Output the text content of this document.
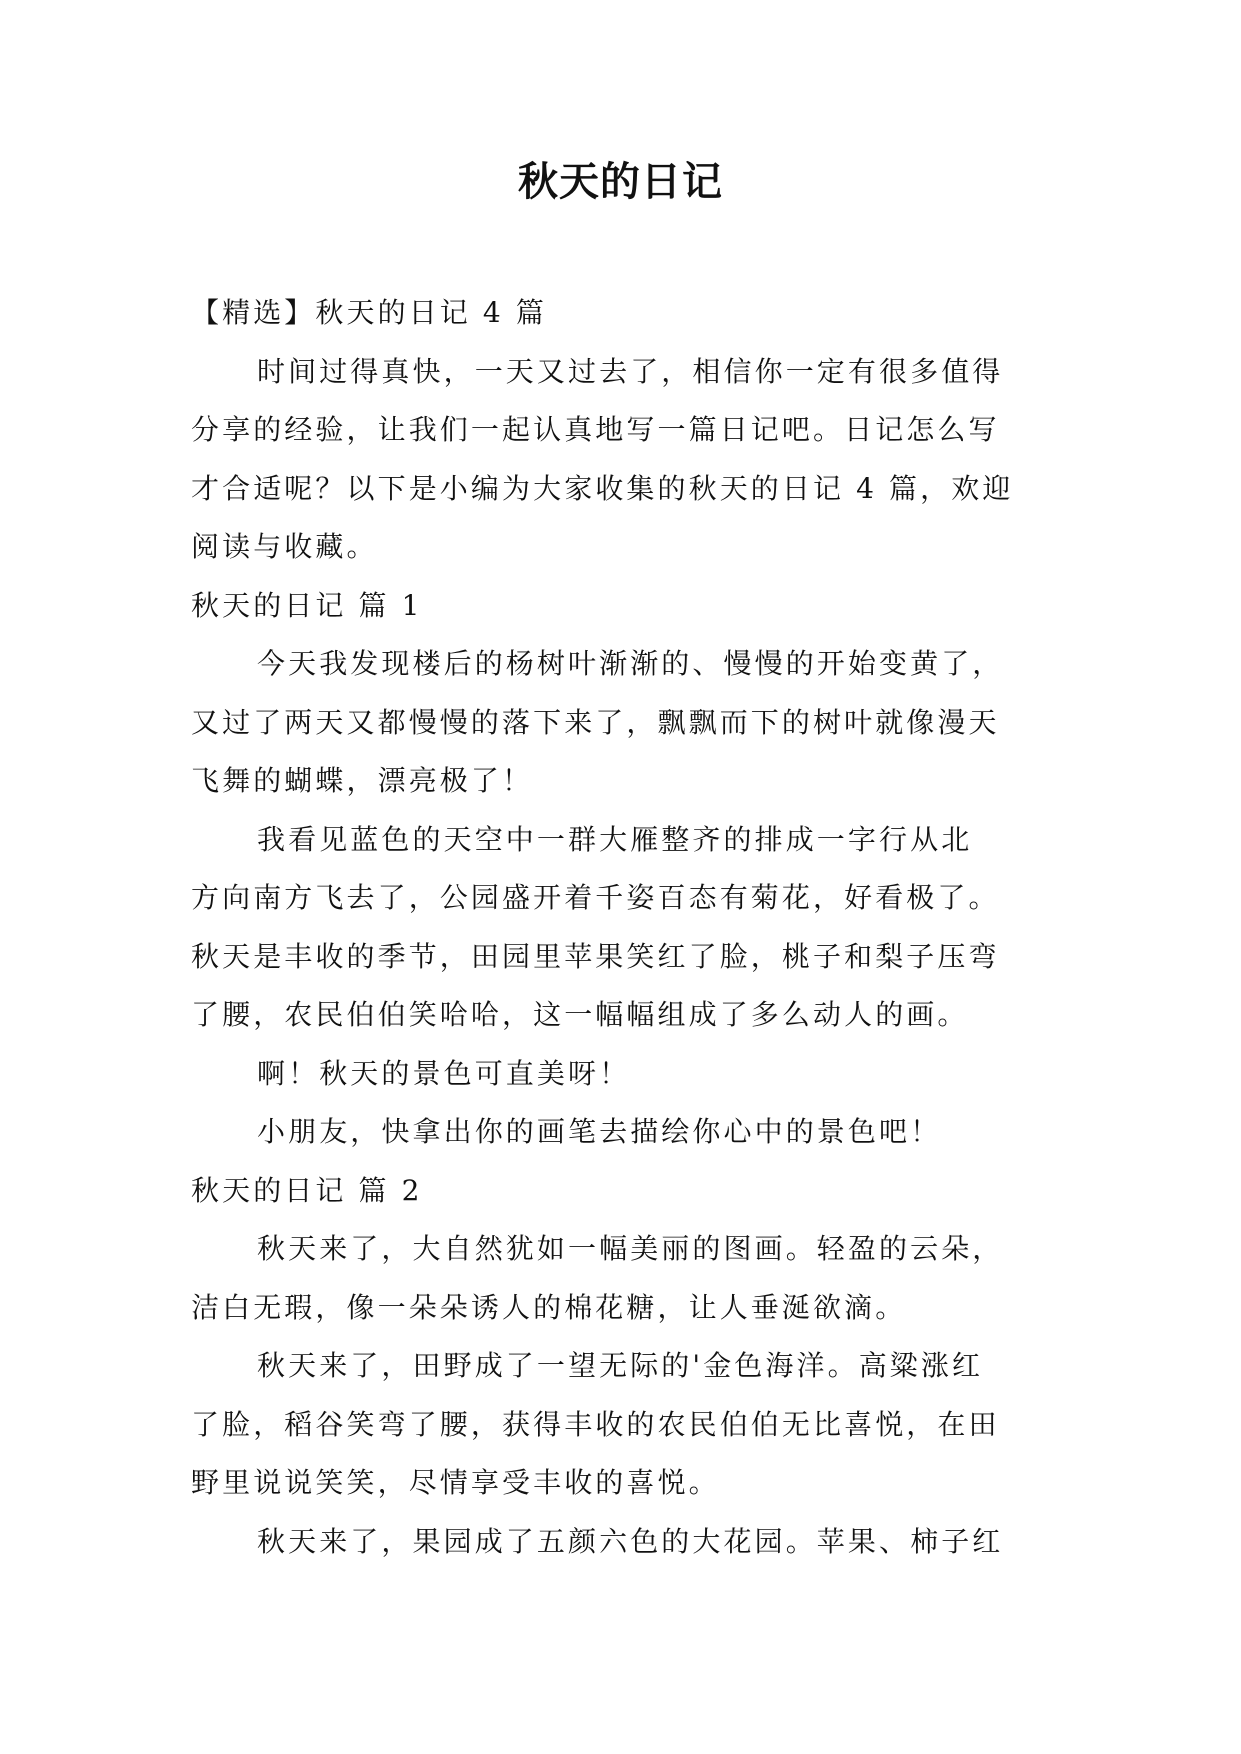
秋天的日记
【精选】秋天的日记 4 篇
时间过得真快，一天又过去了，相信你一定有很多值得
分享的经验，让我们一起认真地写一篇日记吧。日记怎么写
才合适呢？以下是小编为大家收集的秋天的日记 4 篇，欢迎
阅读与收藏。
秋天的日记 篇 1
今天我发现楼后的杨树叶渐渐的、慢慢的开始变黄了，
又过了两天又都慢慢的落下来了，飘飘而下的树叶就像漫天
飞舞的蝴蝶，漂亮极了！
我看见蓝色的天空中一群大雁整齐的排成一字行从北
方向南方飞去了，公园盛开着千姿百态有菊花，好看极了。
秋天是丰收的季节，田园里苹果笑红了脸，桃子和梨子压弯
了腰，农民伯伯笑哈哈，这一幅幅组成了多么动人的画。
啊！秋天的景色可直美呀！
小朋友，快拿出你的画笔去描绘你心中的景色吧！
秋天的日记 篇 2
秋天来了，大自然犹如一幅美丽的图画。轻盈的云朵，
洁白无瑕，像一朵朵诱人的棉花糖，让人垂涎欲滴。
秋天来了，田野成了一望无际的'金色海洋。高粱涨红
了脸，稻谷笑弯了腰，获得丰收的农民伯伯无比喜悦，在田
野里说说笑笑，尽情享受丰收的喜悦。
秋天来了，果园成了五颜六色的大花园。苹果、柿子红
